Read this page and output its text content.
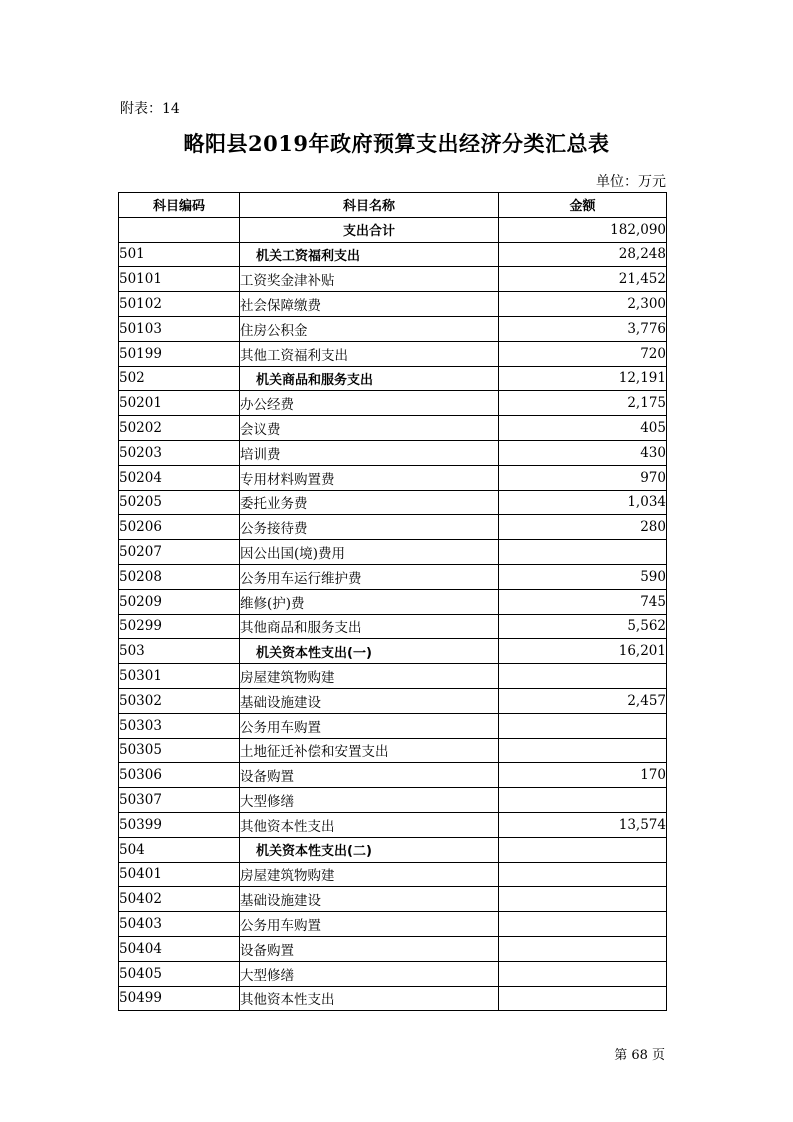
附表：14
略阳县2019年政府预算支出经济分类汇总表
单位：万元
科目编码	科目名称	金额
	支出合计	182,090
501	机关工资福利支出	28,248
50101	工资奖金津补贴	21,452
50102	社会保障缴费	2,300
50103	住房公积金	3,776
50199	其他工资福利支出	720
502	机关商品和服务支出	12,191
50201	办公经费	2,175
50202	会议费	405
50203	培训费	430
50204	专用材料购置费	970
50205	委托业务费	1,034
50206	公务接待费	280
50207	因公出国(境)费用	
50208	公务用车运行维护费	590
50209	维修(护)费	745
50299	其他商品和服务支出	5,562
503	机关资本性支出(一)	16,201
50301	房屋建筑物购建	
50302	基础设施建设	2,457
50303	公务用车购置	
50305	土地征迁补偿和安置支出	
50306	设备购置	170
50307	大型修缮	
50399	其他资本性支出	13,574
504	机关资本性支出(二)	
50401	房屋建筑物购建	
50402	基础设施建设	
50403	公务用车购置	
50404	设备购置	
50405	大型修缮	
50499	其他资本性支出	
第 68 页
